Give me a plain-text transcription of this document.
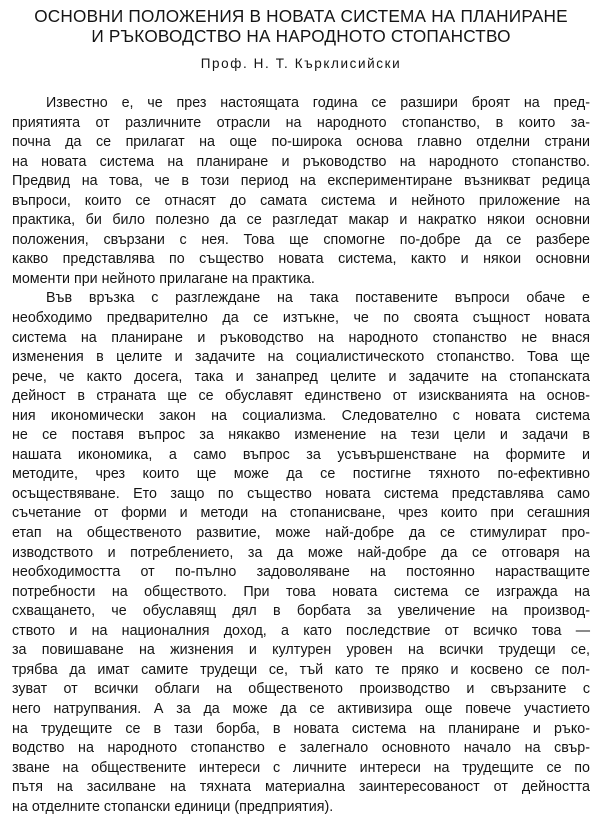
ОСНОВНИ ПОЛОЖЕНИЯ В НОВАТА СИСТЕМА НА ПЛАНИРАНЕ
И РЪКОВОДСТВО НА НАРОДНОТО СТОПАНСТВО
Проф. Н. Т. Кърклисийски

Известно е, че през настоящата година се разшири броят на пред-

приятията от различните отрасли на народното стопанство, в които за-

почна да се прилагат на още по-широка основа главно отделни страни

на новата система на планиране и ръководство на народното стопанство.

Предвид на това, че в този период на експериментиране възникват редица

въпроси, които се отнасят до самата система и нейното приложение на

практика, би било полезно да се разгледат макар и накратко някои основни

положения, свързани с нея. Това ще спомогне по-добре да се разбере

какво представлява по същество новата система, както и някои основни

моменти при нейното прилагане на практика.

Във връзка с разглеждане на така поставените въпроси обаче е

необходимо предварително да се изтъкне, че по своята същност новата

система на планиране и ръководство на народното стопанство не внася

изменения в целите и задачите на социалистическото стопанство. Това ще

рече, че както досега, така и занапред целите и задачите на стопанската

дейност в страната ще се обуславят единствено от изискванията на основ-

ния икономически закон на социализма. Следователно с новата система

не се поставя въпрос за някакво изменение на тези цели и задачи в

нашата икономика, а само въпрос за усъвършенстване на формите и

методите, чрез които ще може да се постигне тяхното по-ефективно

осъществяване. Ето защо по същество новата система представлява само

съчетание от форми и методи на стопанисване, чрез които при сегашния

етап на общественото развитие, може най-добре да се стимулират про-

изводството и потреблението, за да може най-добре да се отговаря на

необходимостта от по-пълно задоволяване на постоянно нарастващите

потребности на обществото. При това новата система се изгражда на

схващането, че обуславящ дял в борбата за увеличение на производ-

ството и на националния доход, а като последствие от всичко това —

за повишаване на жизнения и културен уровен на всички трудещи се,

трябва да имат самите трудещи се, тъй като те пряко и косвено се пол-

зуват от всички облаги на общественото производство и свързаните с

него натрупвания. А за да може да се активизира още повече участието

на трудещите се в тази борба, в новата система на планиране и ръко-

водство на народното стопанство е залегнало основното начало на свър-

зване на обществените интереси с личните интереси на трудещите се по

пътя на засилване на тяхната материална заинтересованост от дейността

на отделните стопански единици (предприятия).
